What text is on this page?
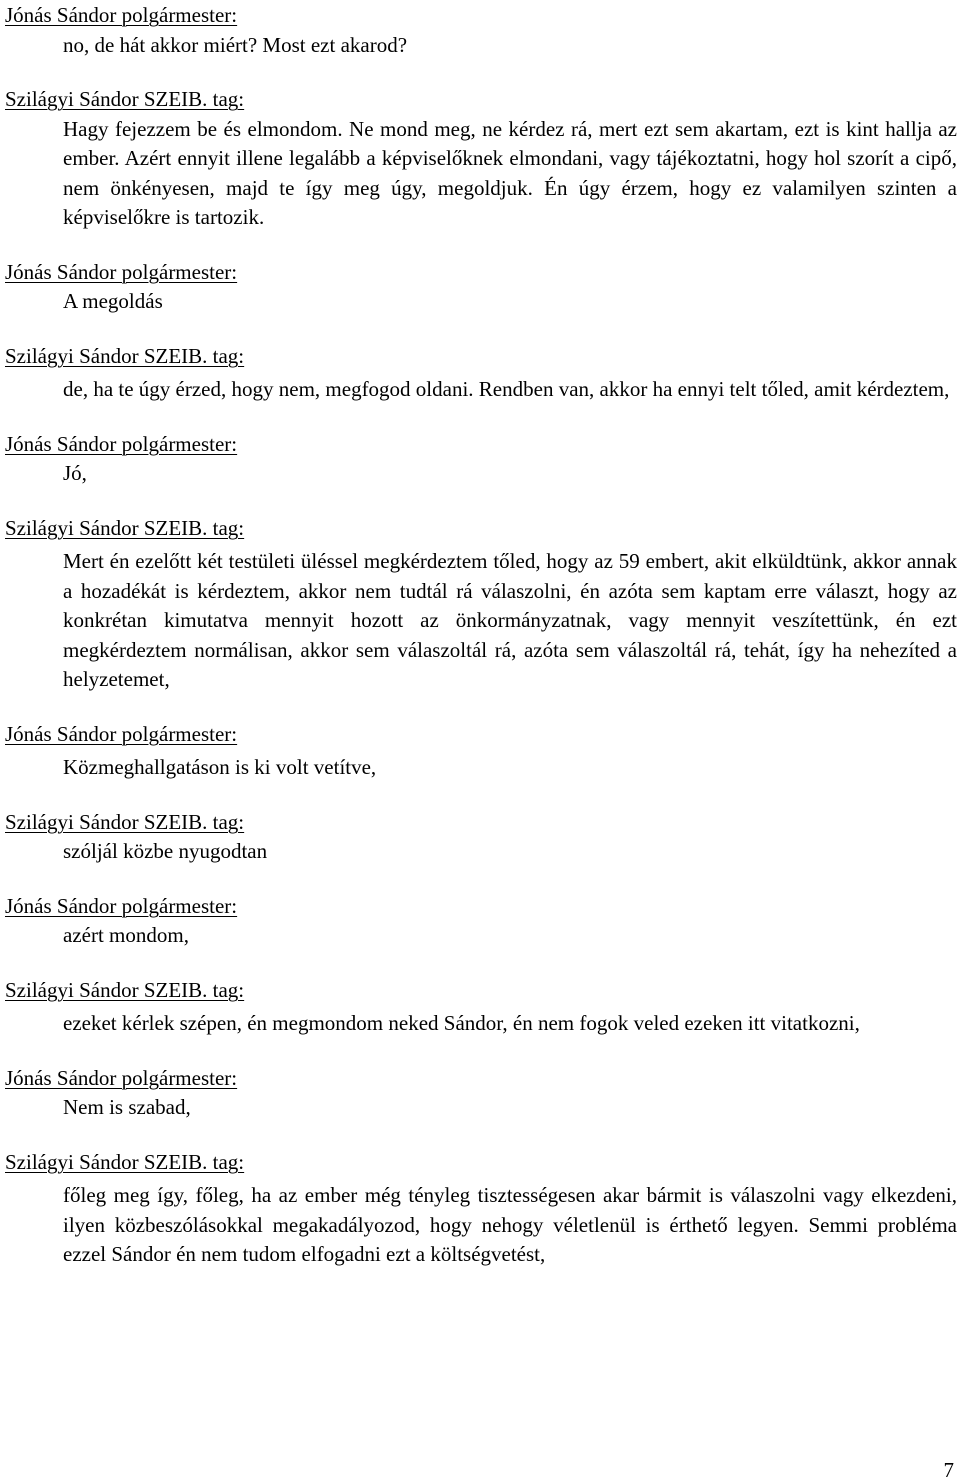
Jónás Sándor polgármester:
no, de hát akkor miért? Most ezt akarod?
Szilágyi Sándor SZEIB. tag:
Hagy fejezzem be és elmondom. Ne mond meg, ne kérdez rá, mert ezt sem akartam, ezt is kint hallja az ember. Azért ennyit illene legalább a képviselőknek elmondani, vagy tájékoztatni, hogy hol szorít a cipő, nem önkényesen, majd te így meg úgy, megoldjuk. Én úgy érzem, hogy ez valamilyen szinten a képviselőkre is tartozik.
Jónás Sándor polgármester:
A megoldás
Szilágyi Sándor SZEIB. tag:
de, ha te úgy érzed, hogy nem, megfogod oldani. Rendben van, akkor ha ennyi telt tőled, amit kérdeztem,
Jónás Sándor polgármester:
Jó,
Szilágyi Sándor SZEIB. tag:
Mert én ezelőtt két testületi üléssel megkérdeztem tőled, hogy az 59 embert, akit elküldtünk, akkor annak a hozadékát is kérdeztem, akkor nem tudtál rá válaszolni, én azóta sem kaptam erre választ, hogy az konkrétan kimutatva mennyit hozott az önkormányzatnak, vagy mennyit veszítettünk, én ezt megkérdeztem normálisan, akkor sem válaszoltál rá, azóta sem válaszoltál rá, tehát, így ha nehezíted a helyzetemet,
Jónás Sándor polgármester:
Közmeghallgatáson is ki volt vetítve,
Szilágyi Sándor SZEIB. tag:
szóljál közbe nyugodtan
Jónás Sándor polgármester:
azért mondom,
Szilágyi Sándor SZEIB. tag:
ezeket kérlek szépen, én megmondom neked Sándor, én nem fogok veled ezeken itt vitatkozni,
Jónás Sándor polgármester:
Nem is szabad,
Szilágyi Sándor SZEIB. tag:
főleg meg így, főleg, ha az ember még tényleg tisztességesen akar bármit is válaszolni vagy elkezdeni, ilyen közbeszólásokkal megakadályozod, hogy nehogy véletlenül is érthető legyen. Semmi probléma ezzel Sándor én nem tudom elfogadni ezt a költségvetést,
7
